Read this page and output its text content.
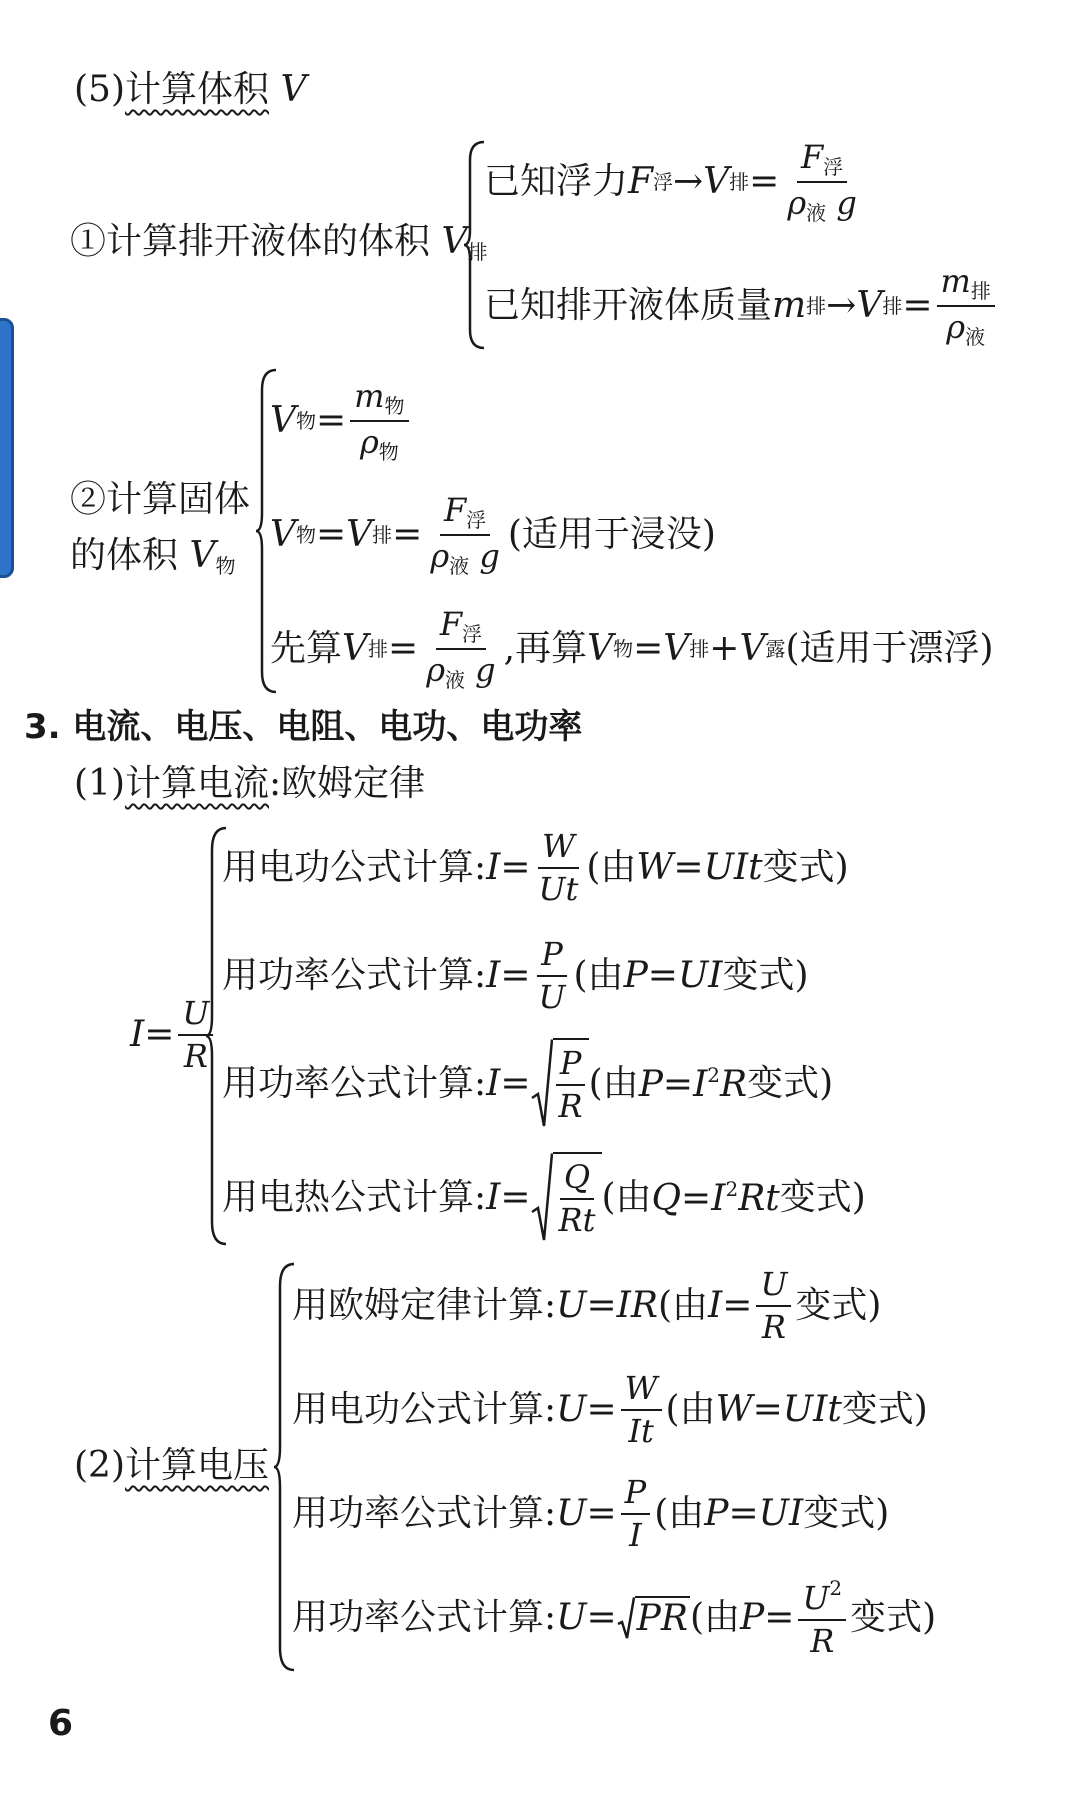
(5)计算体积 V
①计算排开液体的体积 $V_排$
已知浮力 F 浮 → V 排 = $\frac{F_浮}{\rho_液 g}$
已知排开液体质量 m 排 → V 排 = $\frac{m_排}{\rho_液}$
②计算固体
的体积 $V_物$
V 物 = $\frac{m_物}{\rho_物}$
V 物 = V 排 = $\frac{F_浮}{\rho_液 g}$ (适用于浸没)
先算 V 排 = $\frac{F_浮}{\rho_液 g}$ ,再算 V 物 = V 排 + V 露 (适用于漂浮)
3. 电流、电压、电阻、电功、电功率
(1)计算电流:欧姆定律
$I = \frac{U}{R}$
用电功公式计算: $I = \frac{W}{Ut}$ (由 W=UIt 变式)
用功率公式计算: $I = \frac{P}{U}$ (由 P=UI 变式)
用功率公式计算: $I = \frac{P}{R}$ (由 $P=I^2R$ 变式)
用电热公式计算: $I = \frac{Q}{Rt}$ (由 $Q=I^2Rt$ 变式)
(2)计算电压
用欧姆定律计算: U = IR (由 $I = \frac{U}{R}$ 变式)
用电功公式计算: $U = \frac{W}{It}$ (由 W=UIt 变式)
用功率公式计算: $U = \frac{P}{I}$ (由 P=UI 变式)
用功率公式计算: U = PR (由 $P = \frac{U^2}{R}$ 变式)
6
